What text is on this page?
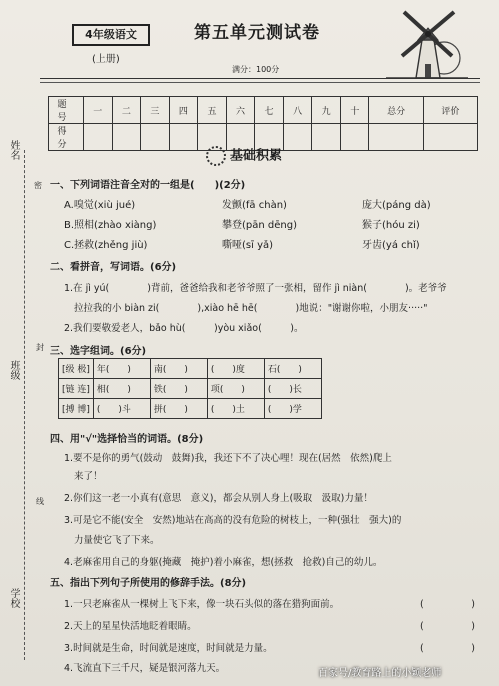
4年级语文
(上册)
第五单元测试卷
满分：100分
题 号	一	二	三	四	五	六	七	八	九	十	总分	评价
得 分												
姓名
密
封
班级
线
学校
基础积累
一、下列词语注音全对的一组是(　　)(2分)
A.嗅觉(xiù jué)	发颤(fā chàn)	庞大(páng dà)
B.照相(zhào xiàng)	攀登(pān dēng)	猴子(hóu zi)
C.拯救(zhěng jiù)	嘶哑(sī yǎ)	牙齿(yá chǐ)
二、看拼音，写词语。(6分)
1.在 jì yú(　　　　)背前，爸爸给我和老爷爷照了一张相，留作 jì niàn(　　　　)。老爷爷
拉拉我的小 biàn zi(　　　　),xiào hē hē(　　　　)地说："谢谢你啦，小朋友·····"
2.我们要敬爱老人，bǎo hù(　　　)yòu xiǎo(　　　)。
三、选字组词。(6分)
[级 极]	年(　　)	南(　　)	(　　)度	石(　　)
[链 连]	相(　　)	铁(　　)	项(　　)	(　　)长
[搏 博]	(　　)斗	拼(　　)	(　　)土	(　　)学
四、用"√"选择恰当的词语。(8分)
1.要不是你的勇气(鼓动　鼓舞)我，我还下不了决心哩！现在(居然　依然)爬上
来了！
2.你们这一老一小真有(意思　意义)，都会从别人身上(吸取　汲取)力量！
3.可是它不能(安全　安然)地站在高高的没有危险的树枝上，一种(强壮　强大)的
力量使它飞了下来。
4.老麻雀用自己的身躯(掩藏　掩护)着小麻雀，想(拯救　抢救)自己的幼儿。
五、指出下列句子所使用的修辞手法。(8分)
1.一只老麻雀从一棵树上飞下来，像一块石头似的落在猎狗面前。	(　　　　　)
2.天上的星星快活地眨着眼睛。	(　　　　　)
3.时间就是生命，时间就是速度，时间就是力量。	(　　　　　)
4.飞流直下三千尺，疑是银河落九天。	百家号/教育路上的小颖老师
